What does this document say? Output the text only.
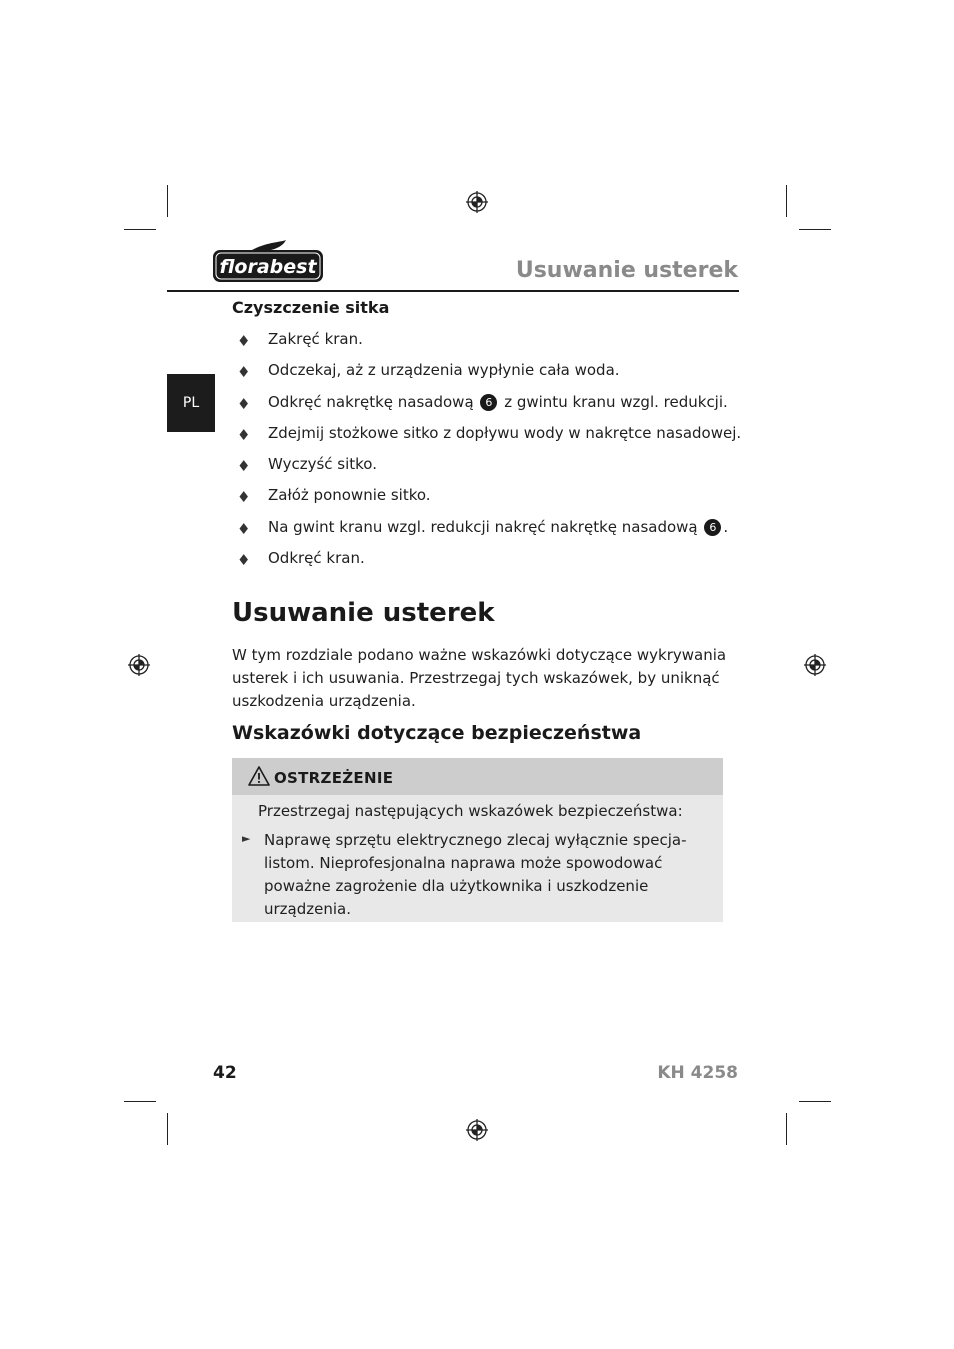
florabest	Usuwanie usterek
PL
Czyszczenie sitka
♦ Zakręć kran.
♦ Odczekaj, aż z urządzenia wypłynie cała woda.
♦ Odkręć nakrętkę nasadową 6 z gwintu kranu wzgl. redukcji.
♦ Zdejmij stożkowe sitko z dopływu wody w nakrętce nasadowej.
♦ Wyczyść sitko.
♦ Załóż ponownie sitko.
♦ Na gwint kranu wzgl. redukcji nakręć nakrętkę nasadową 6 .
♦ Odkręć kran.
Usuwanie usterek
W tym rozdziale podano ważne wskazówki dotyczące wykrywania usterek i ich usuwania. Przestrzegaj tych wskazówek, by uniknąć uszkodzenia urządzenia.
Wskazówki dotyczące bezpieczeństwa
OSTRZEŻENIE
Przestrzegaj następujących wskazówek bezpieczeństwa:
► Naprawę sprzętu elektrycznego zlecaj wyłącznie specja-listom. Nieprofesjonalna naprawa może spowodować poważne zagrożenie dla użytkownika i uszkodzenie urządzenia.
42	KH 4258
